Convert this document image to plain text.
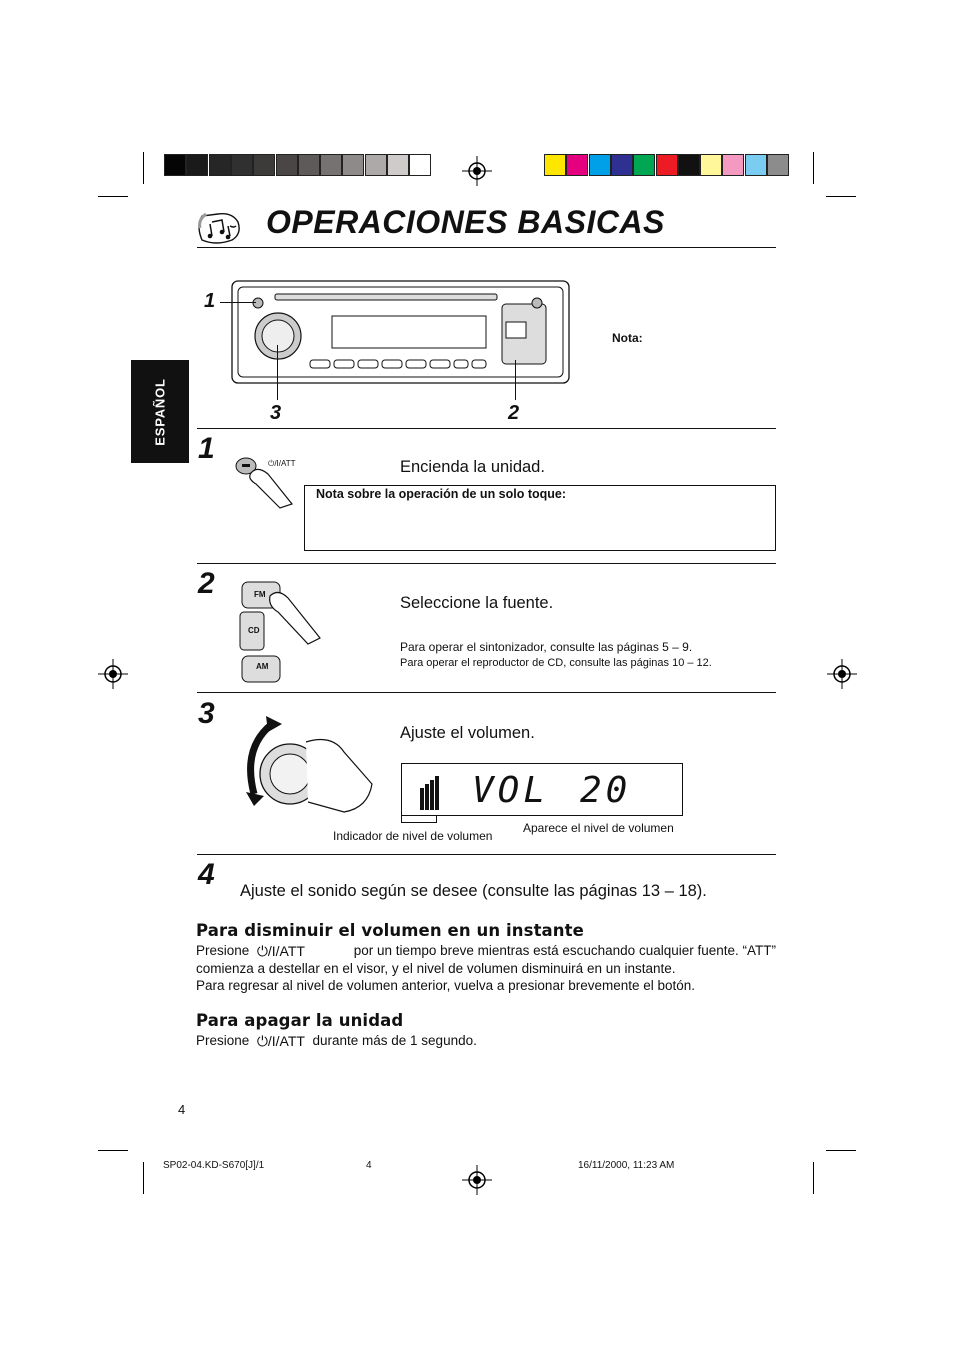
OPERACIONES BASICAS
ESPAÑOL
1
3	2
Nota:
1	⏻/I/ATT	Encienda la unidad.
Nota sobre la operación de un solo toque:
2	FM
CD
AM
Seleccione la fuente.
Para operar el sintonizador, consulte las páginas 5 – 9.
Para operar el reproductor de CD, consulte las páginas 10 – 12.
3
Ajuste el volumen.
VOL 20
Indicador de nivel de volumen
Aparece el nivel de volumen
4 Ajuste el sonido según se desee (consulte las páginas 13 – 18).
Para disminuir el volumen en un instante
Presione ⏻/I/ATT	por un tiempo breve mientras está escuchando cualquier fuente. “ATT”
comienza a destellar en el visor, y el nivel de volumen disminuirá en un instante.
Para regresar al nivel de volumen anterior, vuelva a presionar brevemente el botón.
Para apagar la unidad
Presione ⏻/I/ATT durante más de 1 segundo.
4
SP02-04.KD-S670[J]/1	4	16/11/2000, 11:23 AM
